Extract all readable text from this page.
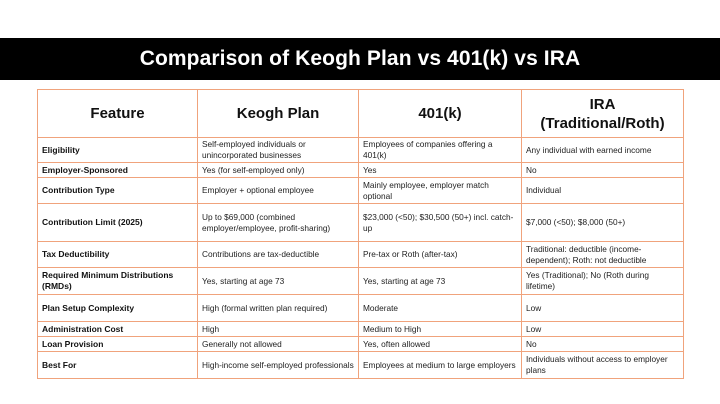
Comparison of Keogh Plan vs 401(k) vs IRA
Feature	Keogh Plan	401(k)	IRA (Traditional/Roth)
Eligibility	Self-employed individuals or unincorporated businesses	Employees of companies offering a 401(k)	Any individual with earned income
Employer-Sponsored	Yes (for self-employed only)	Yes	No
Contribution Type	Employer + optional employee	Mainly employee, employer match optional	Individual
Contribution Limit (2025)	Up to $69,000 (combined employer/employee, profit-sharing)	$23,000 (<50); $30,500 (50+) incl. catch-up	$7,000 (<50); $8,000 (50+)
Tax Deductibility	Contributions are tax-deductible	Pre-tax or Roth (after-tax)	Traditional: deductible (income-dependent); Roth: not deductible
Required Minimum Distributions (RMDs)	Yes, starting at age 73	Yes, starting at age 73	Yes (Traditional); No (Roth during lifetime)
Plan Setup Complexity	High (formal written plan required)	Moderate	Low
Administration Cost	High	Medium to High	Low
Loan Provision	Generally not allowed	Yes, often allowed	No
Best For	High-income self-employed professionals	Employees at medium to large employers	Individuals without access to employer plans
